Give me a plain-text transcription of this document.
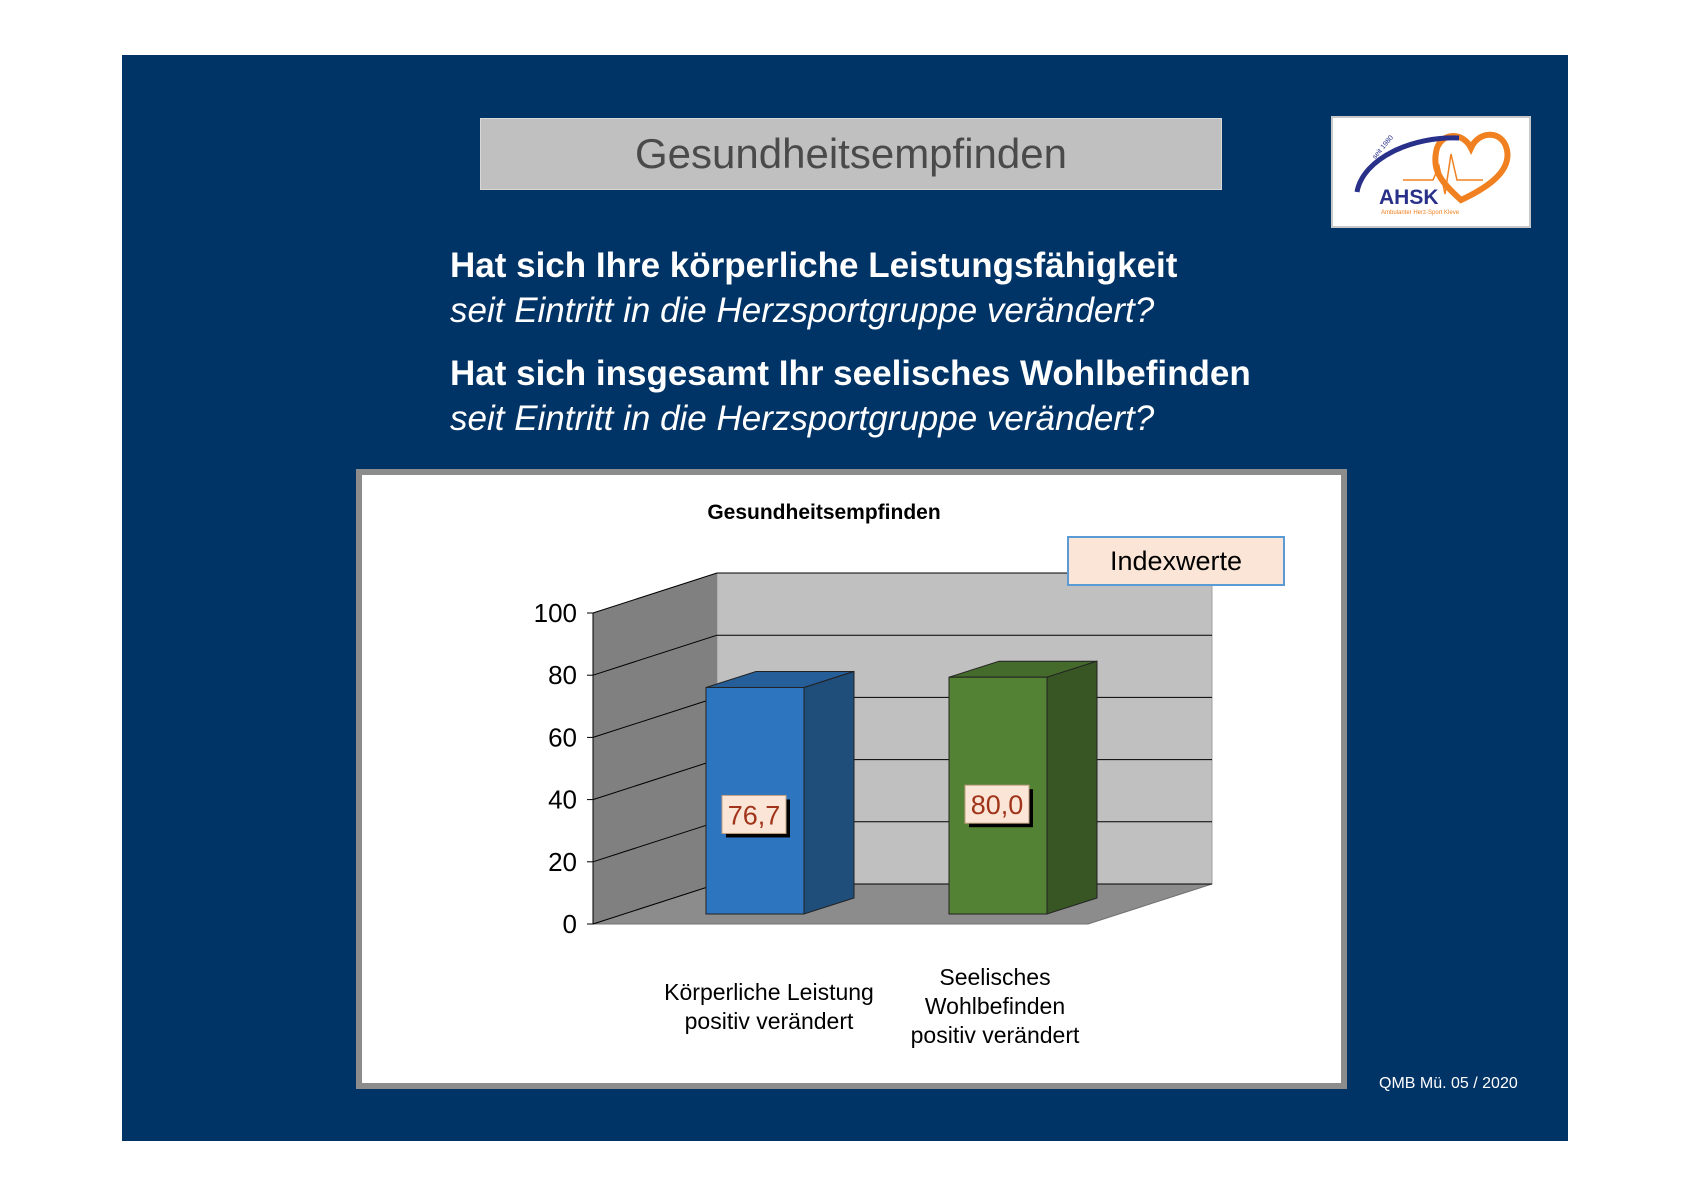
Gesundheitsempfinden	seit 1980
AHSK
Ambulanter Herz-Sport Kleve
Hat sich Ihre körperliche Leistungsfähigkeit
seit Eintritt in die Herzsportgruppe verändert?
Hat sich insgesamt Ihr seelisches Wohlbefinden
seit Eintritt in die Herzsportgruppe verändert?
0
20
40
60
80
100
Gesundheitsempfinden
Indexwerte
76,7	80,0
Körperliche Leistung
positiv verändert
Seelisches
Wohlbefinden
positiv verändert
QMB Mü. 05 / 2020
